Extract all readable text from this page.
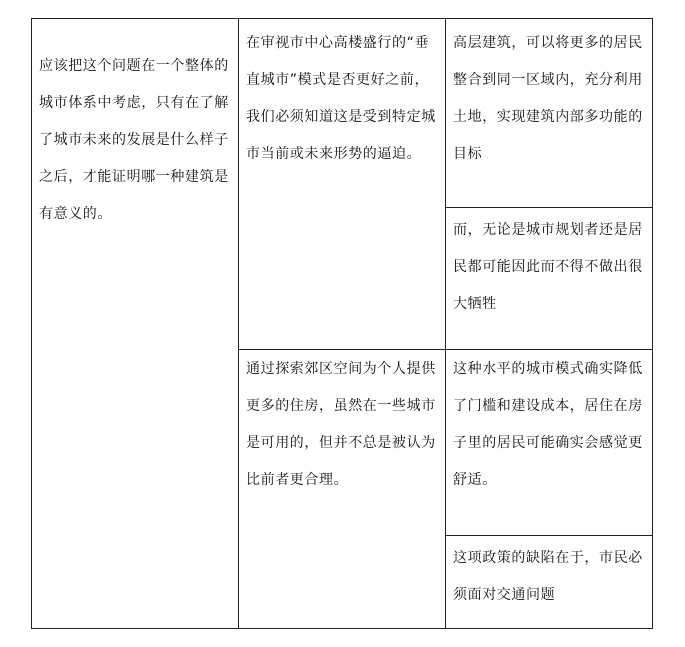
应该把这个问题在一个整体的城市体系中考虑，只有在了解了城市未来的发展是什么样子之后，才能证明哪一种建筑是有意义的。
在审视市中心高楼盛行的“垂直城市”模式是否更好之前，我们必须知道这是受到特定城市当前或未来形势的逼迫。
通过探索郊区空间为个人提供更多的住房，虽然在一些城市是可用的，但并不总是被认为比前者更合理。
高层建筑，可以将更多的居民整合到同一区域内，充分利用土地，实现建筑内部多功能的目标
而，无论是城市规划者还是居民都可能因此而不得不做出很大牺牲
这种水平的城市模式确实降低了门槛和建设成本，居住在房子里的居民可能确实会感觉更舒适。
这项政策的缺陷在于，市民必须面对交通问题
